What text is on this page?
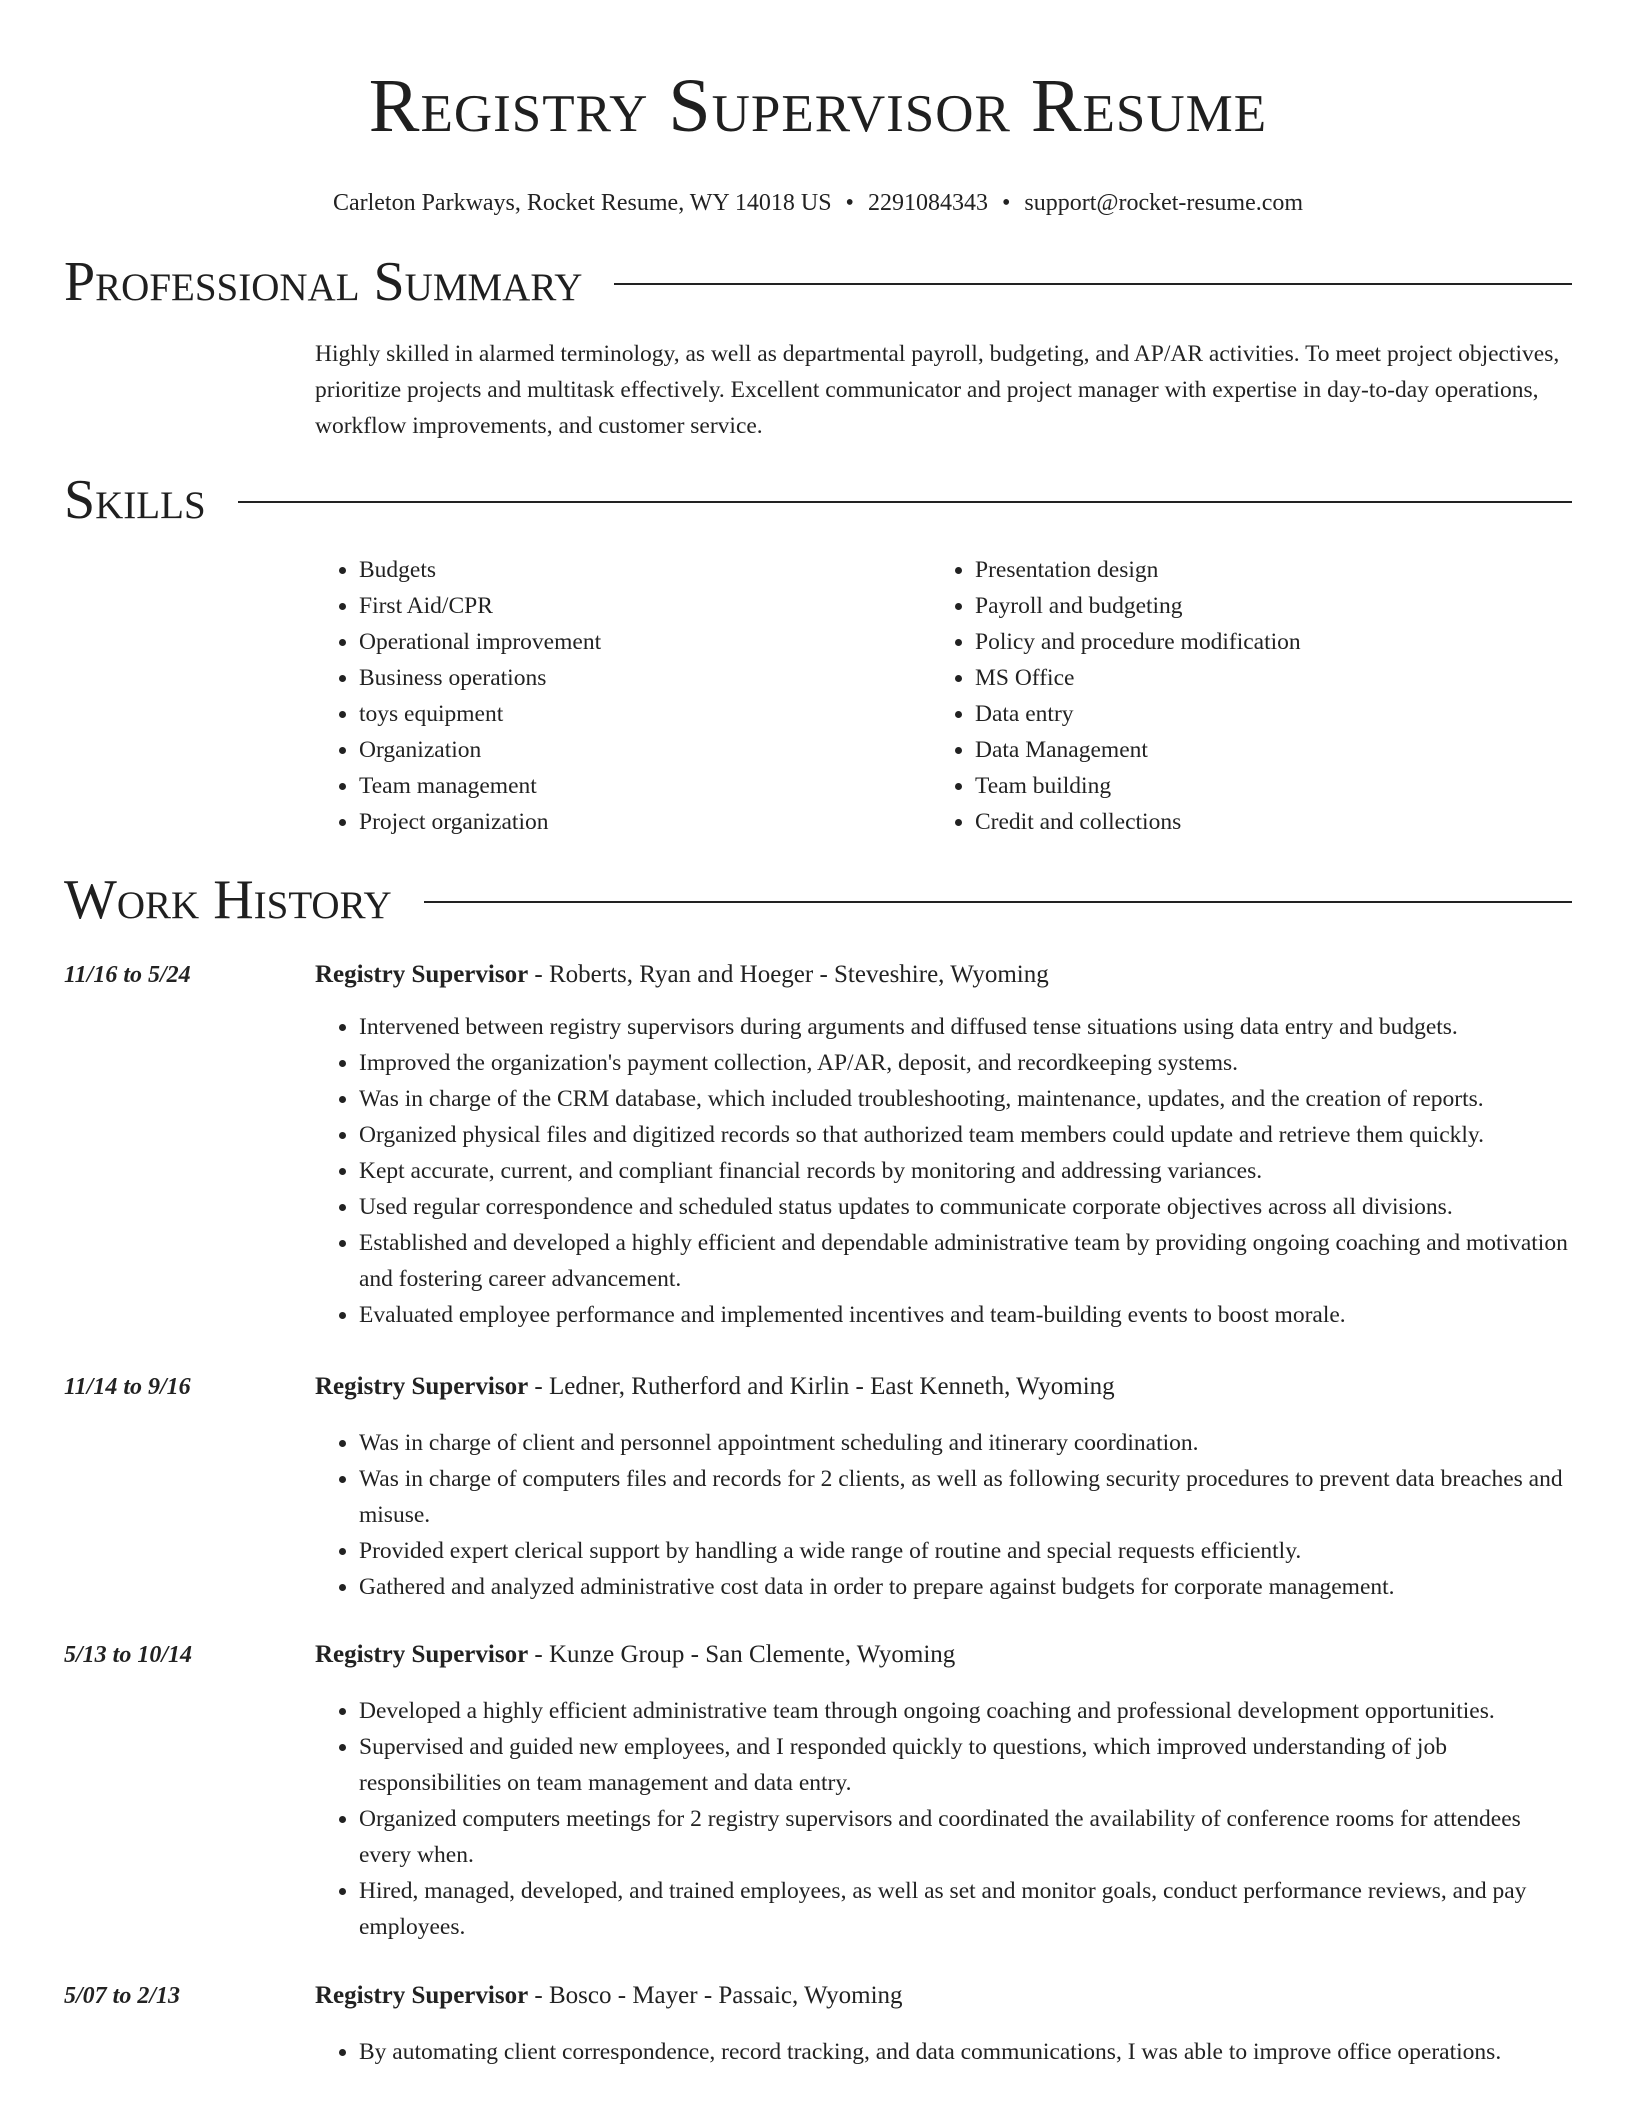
Registry Supervisor Resume
Carleton Parkways, Rocket Resume, WY 14018 US • 2291084343 • support@rocket-resume.com
Professional Summary

Highly skilled in alarmed terminology, as well as departmental payroll, budgeting, and AP/AR activities. To meet project objectives, prioritize projects and multitask effectively. Excellent communicator and project manager with expertise in day-to-day operations, workflow improvements, and customer service.

Skills
• Budgets
• First Aid/CPR
• Operational improvement
• Business operations
• toys equipment
• Organization
• Team management
• Project organization
• Presentation design
• Payroll and budgeting
• Policy and procedure modification
• MS Office
• Data entry
• Data Management
• Team building
• Credit and collections
Work History
11/16 to 5/24	Registry Supervisor - Roberts, Ryan and Hoeger - Steveshire, Wyoming
• Intervened between registry supervisors during arguments and diffused tense situations using data entry and budgets.
• Improved the organization's payment collection, AP/AR, deposit, and recordkeeping systems.
• Was in charge of the CRM database, which included troubleshooting, maintenance, updates, and the creation of reports.
• Organized physical files and digitized records so that authorized team members could update and retrieve them quickly.
• Kept accurate, current, and compliant financial records by monitoring and addressing variances.
• Used regular correspondence and scheduled status updates to communicate corporate objectives across all divisions.
• Established and developed a highly efficient and dependable administrative team by providing ongoing coaching and motivation and fostering career advancement.
• Evaluated employee performance and implemented incentives and team-building events to boost morale.
11/14 to 9/16	Registry Supervisor - Ledner, Rutherford and Kirlin - East Kenneth, Wyoming
• Was in charge of client and personnel appointment scheduling and itinerary coordination.
• Was in charge of computers files and records for 2 clients, as well as following security procedures to prevent data breaches and misuse.
• Provided expert clerical support by handling a wide range of routine and special requests efficiently.
• Gathered and analyzed administrative cost data in order to prepare against budgets for corporate management.
5/13 to 10/14	Registry Supervisor - Kunze Group - San Clemente, Wyoming
• Developed a highly efficient administrative team through ongoing coaching and professional development opportunities.
• Supervised and guided new employees, and I responded quickly to questions, which improved understanding of job responsibilities on team management and data entry.
• Organized computers meetings for 2 registry supervisors and coordinated the availability of conference rooms for attendees every when.
• Hired, managed, developed, and trained employees, as well as set and monitor goals, conduct performance reviews, and pay employees.
5/07 to 2/13	Registry Supervisor - Bosco - Mayer - Passaic, Wyoming
• By automating client correspondence, record tracking, and data communications, I was able to improve office operations.
